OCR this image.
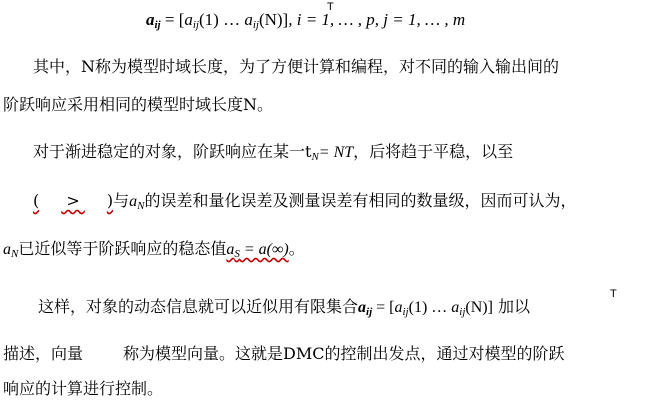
$a_{ij} = [a_{ij}(1)$ … $a_{ij}(N)$], i = 1, … , p, j = 1, … , m
T
其中，N称为模型时域长度，为了方便计算和编程，对不同的输入输出间的
阶跃响应采用相同的模型时域长度N。
对于渐进稳定的对象，阶跃响应在某一$t_N=$ NT，后将趋于平稳，以至
(  >  )与$a_N$的误差和量化误差及测量误差有相同的数量级，因而可认为，
$a_N$已近似等于阶跃响应的稳态值$a_S = a(\infty)$。
这样，对象的动态信息就可以近似用有限集合$a_{ij} = [a_{ij}(1)$ … $a_{ij}(N)$] 加以
T
描述，向量	称为模型向量。这就是DMC的控制出发点，通过对模型的阶跃
响应的计算进行控制。
